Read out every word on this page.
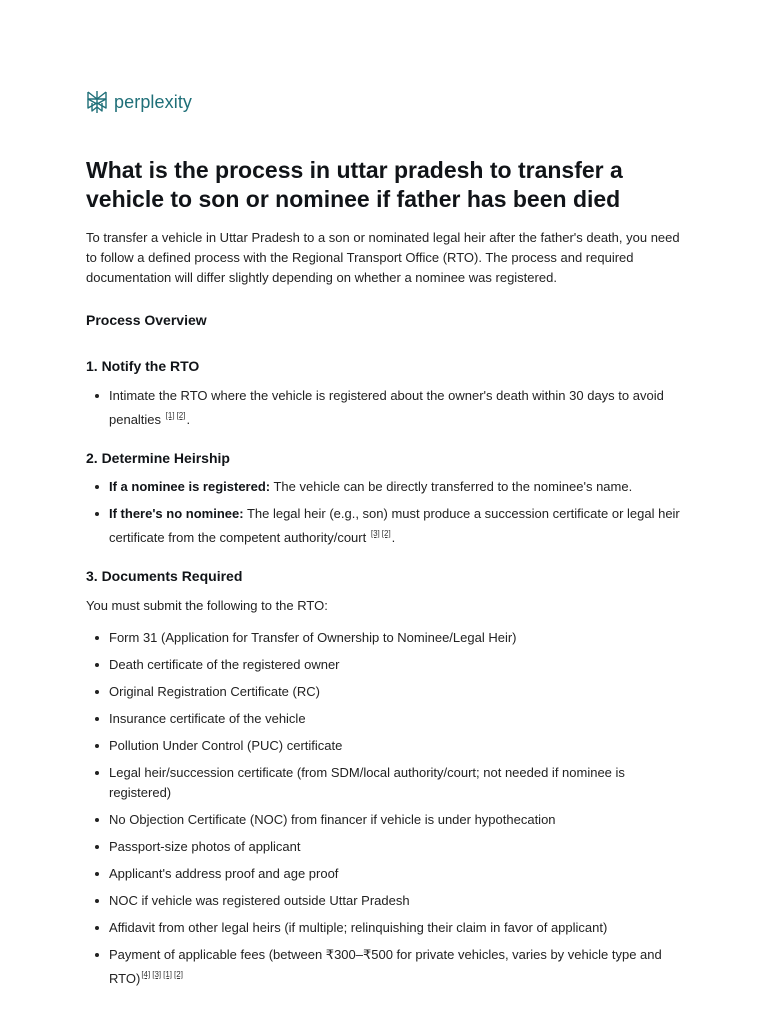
perplexity
What is the process in uttar pradesh to transfer a vehicle to son or nominee if father has been died

To transfer a vehicle in Uttar Pradesh to a son or nominated legal heir after the father's death, you need to follow a defined process with the Regional Transport Office (RTO). The process and required documentation will differ slightly depending on whether a nominee was registered.

Process Overview
1. Notify the RTO
Intimate the RTO where the vehicle is registered about the owner's death within 30 days to avoid penalties [1] [2].
2. Determine Heirship
If a nominee is registered: The vehicle can be directly transferred to the nominee's name.
If there's no nominee: The legal heir (e.g., son) must produce a succession certificate or legal heir certificate from the competent authority/court [3] [2].
3. Documents Required

You must submit the following to the RTO:

Form 31 (Application for Transfer of Ownership to Nominee/Legal Heir)
Death certificate of the registered owner
Original Registration Certificate (RC)
Insurance certificate of the vehicle
Pollution Under Control (PUC) certificate
Legal heir/succession certificate (from SDM/local authority/court; not needed if nominee is registered)
No Objection Certificate (NOC) from financer if vehicle is under hypothecation
Passport-size photos of applicant
Applicant's address proof and age proof
NOC if vehicle was registered outside Uttar Pradesh
Affidavit from other legal heirs (if multiple; relinquishing their claim in favor of applicant)
Payment of applicable fees (between ₹300–₹500 for private vehicles, varies by vehicle type and RTO)[4] [3] [1] [2]
